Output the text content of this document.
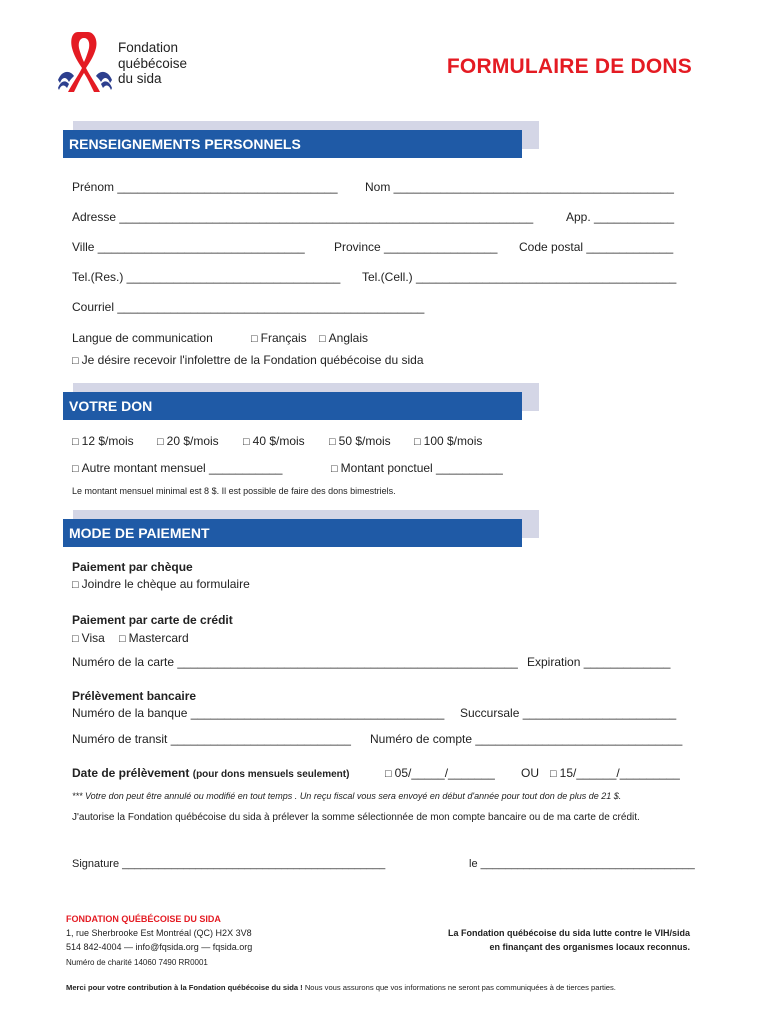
Fondation
québécoise
du sida
FORMULAIRE DE DONS
RENSEIGNEMENTS PERSONNELS
Prénom _________________________________ Nom __________________________________________
Adresse ______________________________________________________________	App. ____________
Ville _______________________________ Province _________________ Code postal _____________
Tel.(Res.) ________________________________ Tel.(Cell.) _______________________________________
Courriel ______________________________________________
Langue de communication	□ Français □ Anglais
□ Je désire recevoir l'infolettre de la Fondation québécoise du sida
VOTRE DON
□ 12 $/mois □ 20 $/mois □ 40 $/mois □ 50 $/mois □ 100 $/mois
□ Autre montant mensuel ___________	□ Montant ponctuel __________
Le montant mensuel minimal est 8 $. Il est possible de faire des dons bimestriels.
MODE DE PAIEMENT
Paiement par chèque
□ Joindre le chèque au formulaire
Paiement par carte de crédit
□ Visa □ Mastercard
Numéro de la carte ___________________________________________________ Expiration _____________
Prélèvement bancaire
Numéro de la banque ______________________________________ Succursale _______________________
Numéro de transit ___________________________ Numéro de compte _______________________________
Date de prélèvement (pour dons mensuels seulement)	□ 05/_____/_______ OU □ 15/______/_________
*** Votre don peut être annulé ou modifié en tout temps . Un reçu fiscal vous sera envoyé en début d'année pour tout don de plus de 21 $.
J'autorise la Fondation québécoise du sida à prélever la somme sélectionnée de mon compte bancaire ou de ma carte de crédit.
Signature ___________________________________________	le ___________________________________
FONDATION QUÉBÉCOISE DU SIDA
1, rue Sherbrooke Est Montréal (QC) H2X 3V8
514 842-4004 — info@fqsida.org — fqsida.org
Numéro de charité 14060 7490 RR0001
La Fondation québécoise du sida lutte contre le VIH/sida
en finançant des organismes locaux reconnus.
Merci pour votre contribution à la Fondation québécoise du sida ! Nous vous assurons que vos informations ne seront pas communiquées à de tierces parties.
